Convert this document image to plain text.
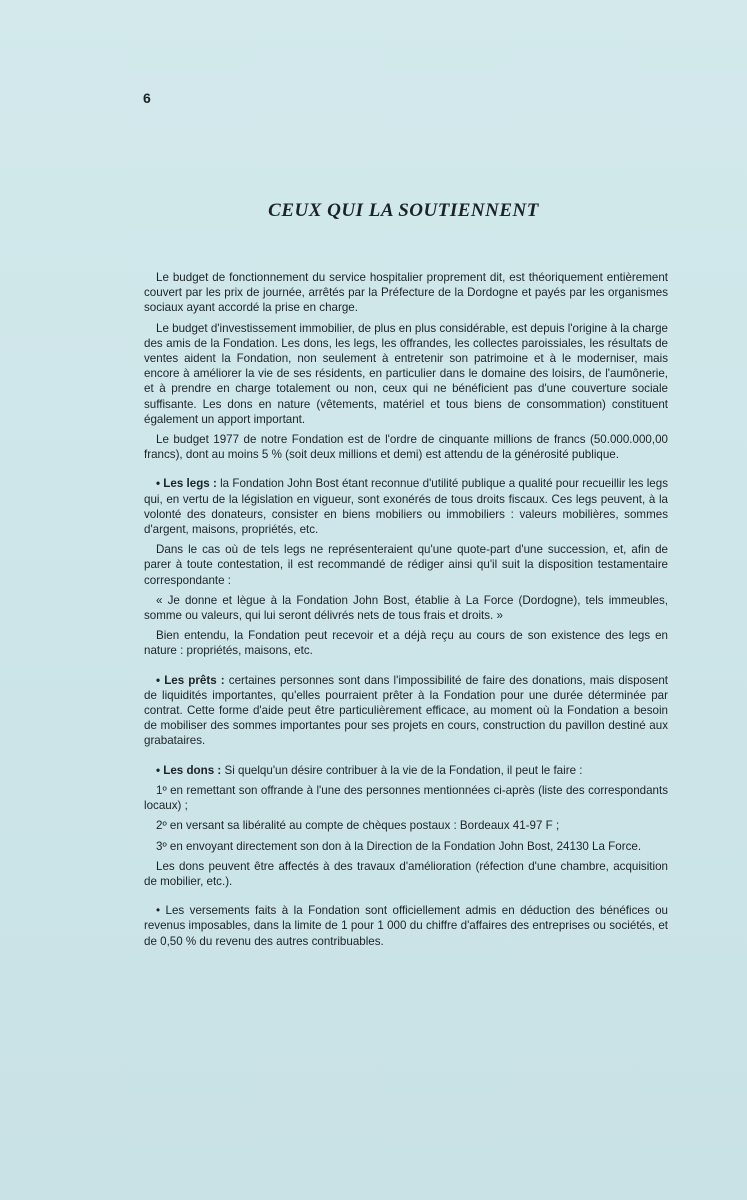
6
CEUX QUI LA SOUTIENNENT

Le budget de fonctionnement du service hospitalier proprement dit, est théoriquement entièrement couvert par les prix de journée, arrêtés par la Préfecture de la Dordogne et payés par les organismes sociaux ayant accordé la prise en charge.

Le budget d'investissement immobilier, de plus en plus considérable, est depuis l'origine à la charge des amis de la Fondation. Les dons, les legs, les offrandes, les collectes paroissiales, les résultats de ventes aident la Fondation, non seulement à entretenir son patrimoine et à le moderniser, mais encore à améliorer la vie de ses résidents, en particulier dans le domaine des loisirs, de l'aumônerie, et à prendre en charge totalement ou non, ceux qui ne bénéficient pas d'une couverture sociale suffisante. Les dons en nature (vêtements, matériel et tous biens de consommation) constituent également un apport important.

Le budget 1977 de notre Fondation est de l'ordre de cinquante millions de francs (50.000.000,00 francs), dont au moins 5 % (soit deux millions et demi) est attendu de la générosité publique.

• Les legs : la Fondation John Bost étant reconnue d'utilité publique a qualité pour recueillir les legs qui, en vertu de la législation en vigueur, sont exonérés de tous droits fiscaux. Ces legs peuvent, à la volonté des donateurs, consister en biens mobiliers ou immobiliers : valeurs mobilières, sommes d'argent, maisons, propriétés, etc.

Dans le cas où de tels legs ne représenteraient qu'une quote-part d'une succession, et, afin de parer à toute contestation, il est recommandé de rédiger ainsi qu'il suit la disposition testamentaire correspondante :

« Je donne et lègue à la Fondation John Bost, établie à La Force (Dordogne), tels immeubles, somme ou valeurs, qui lui seront délivrés nets de tous frais et droits. »

Bien entendu, la Fondation peut recevoir et a déjà reçu au cours de son existence des legs en nature : propriétés, maisons, etc.

• Les prêts : certaines personnes sont dans l'impossibilité de faire des donations, mais disposent de liquidités importantes, qu'elles pourraient prêter à la Fondation pour une durée déterminée par contrat. Cette forme d'aide peut être particulièrement efficace, au moment où la Fondation a besoin de mobiliser des sommes importantes pour ses projets en cours, construction du pavillon destiné aux grabataires.

• Les dons : Si quelqu'un désire contribuer à la vie de la Fondation, il peut le faire :

1º en remettant son offrande à l'une des personnes mentionnées ci-après (liste des correspondants locaux) ;

2º en versant sa libéralité au compte de chèques postaux : Bordeaux 41-97 F ;

3º en envoyant directement son don à la Direction de la Fondation John Bost, 24130 La Force.

Les dons peuvent être affectés à des travaux d'amélioration (réfection d'une chambre, acquisition de mobilier, etc.).

• Les versements faits à la Fondation sont officiellement admis en déduction des bénéfices ou revenus imposables, dans la limite de 1 pour 1 000 du chiffre d'affaires des entreprises ou sociétés, et de 0,50 % du revenu des autres contribuables.
